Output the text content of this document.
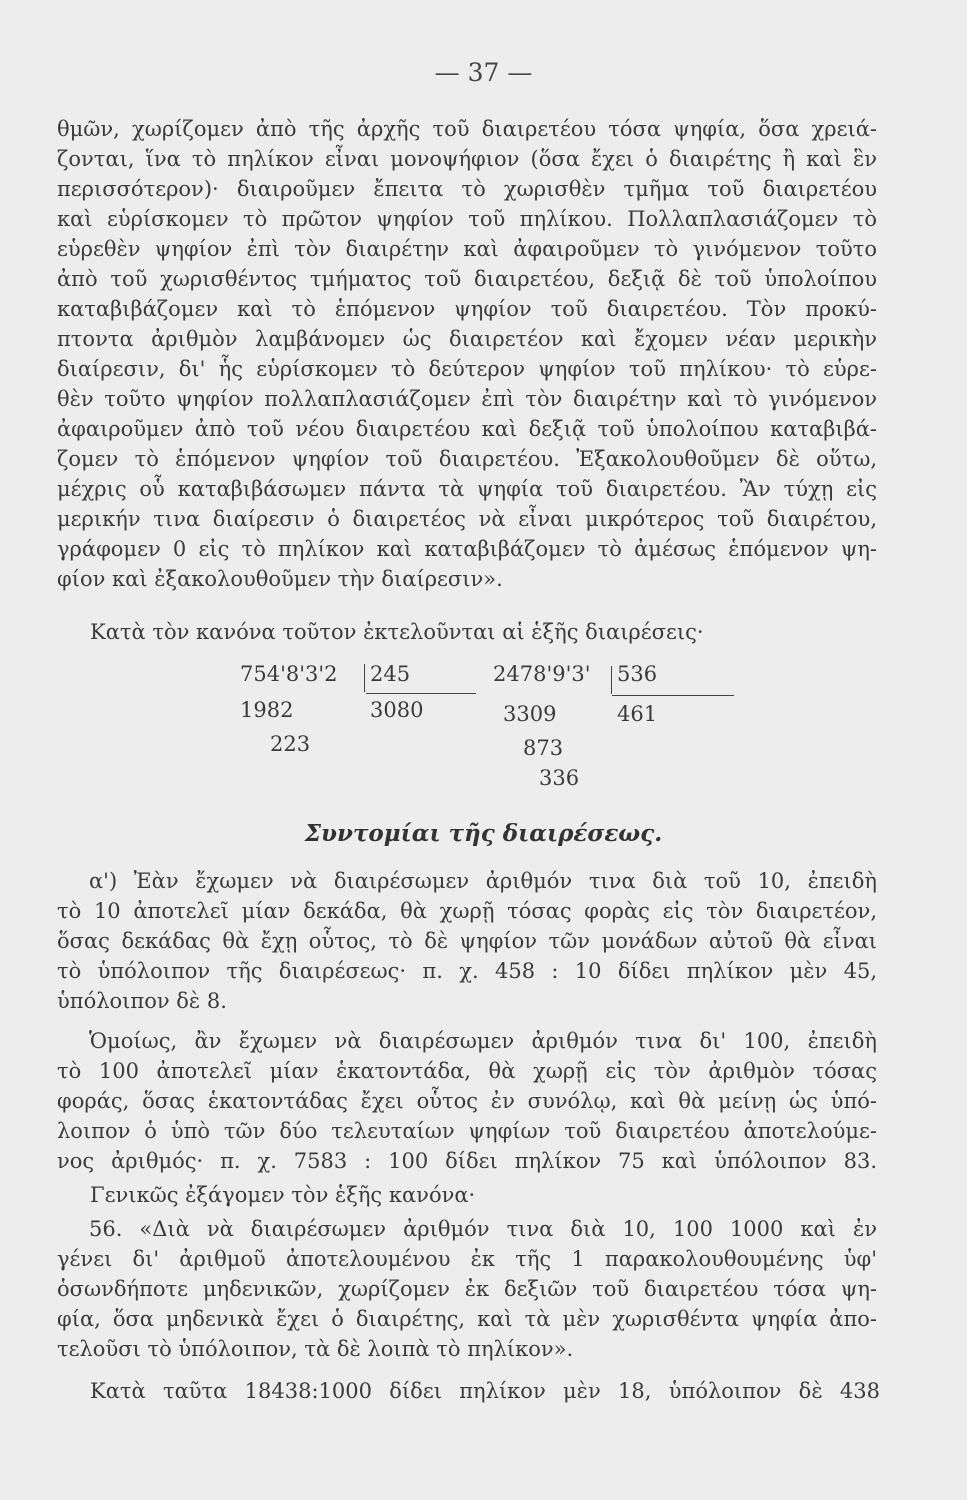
— 37 —
θμῶν, χωρίζομεν ἀπὸ τῆς ἀρχῆς τοῦ διαιρετέου τόσα ψηφία, ὅσα χρειά-
ζονται, ἵνα τὸ πηλίκον εἶναι μονοψήφιον (ὅσα ἔχει ὁ διαιρέτης ἢ καὶ ἓν
περισσότερον)· διαιροῦμεν ἔπειτα τὸ χωρισθὲν τμῆμα τοῦ διαιρετέου
καὶ εὑρίσκομεν τὸ πρῶτον ψηφίον τοῦ πηλίκου. Πολλαπλασιάζομεν τὸ
εὑρεθὲν ψηφίον ἐπὶ τὸν διαιρέτην καὶ ἀφαιροῦμεν τὸ γινόμενον τοῦτο
ἀπὸ τοῦ χωρισθέντος τμήματος τοῦ διαιρετέου, δεξιᾷ δὲ τοῦ ὑπολοίπου
καταβιβάζομεν καὶ τὸ ἑπόμενον ψηφίον τοῦ διαιρετέου. Τὸν προκύ-
πτοντα ἀριθμὸν λαμβάνομεν ὡς διαιρετέον καὶ ἔχομεν νέαν μερικὴν
διαίρεσιν, δι' ἧς εὑρίσκομεν τὸ δεύτερον ψηφίον τοῦ πηλίκου· τὸ εὑρε-
θὲν τοῦτο ψηφίον πολλαπλασιάζομεν ἐπὶ τὸν διαιρέτην καὶ τὸ γινόμενον
ἀφαιροῦμεν ἀπὸ τοῦ νέου διαιρετέου καὶ δεξιᾷ τοῦ ὑπολοίπου καταβιβά-
ζομεν τὸ ἑπόμενον ψηφίον τοῦ διαιρετέου. Ἐξακολουθοῦμεν δὲ οὕτω,
μέχρις οὗ καταβιβάσωμεν πάντα τὰ ψηφία τοῦ διαιρετέου. Ἂν τύχῃ εἰς
μερικήν τινα διαίρεσιν ὁ διαιρετέος νὰ εἶναι μικρότερος τοῦ διαιρέτου,
γράφομεν 0 εἰς τὸ πηλίκον καὶ καταβιβάζομεν τὸ ἀμέσως ἑπόμενον ψη-
φίον καὶ ἐξακολουθοῦμεν τὴν διαίρεσιν».
Κατὰ τὸν κανόνα τοῦτον ἐκτελοῦνται αἱ ἑξῆς διαιρέσεις·
754'8'3'2 245
3080
1982
223
2478'9'3' 536
461
3309
873
336
Συντομίαι τῆς διαιρέσεως.
α') Ἐὰν ἔχωμεν νὰ διαιρέσωμεν ἀριθμόν τινα διὰ τοῦ 10, ἐπειδὴ
τὸ 10 ἀποτελεῖ μίαν δεκάδα, θὰ χωρῇ τόσας φορὰς εἰς τὸν διαιρετέον,
ὅσας δεκάδας θὰ ἔχῃ οὗτος, τὸ δὲ ψηφίον τῶν μονάδων αὐτοῦ θὰ εἶναι
τὸ ὑπόλοιπον τῆς διαιρέσεως· π. χ. 458 : 10 δίδει πηλίκον μὲν 45,
ὑπόλοιπον δὲ 8.
Ὁμοίως, ἂν ἔχωμεν νὰ διαιρέσωμεν ἀριθμόν τινα δι' 100, ἐπειδὴ
τὸ 100 ἀποτελεῖ μίαν ἑκατοντάδα, θὰ χωρῇ εἰς τὸν ἀριθμὸν τόσας
φοράς, ὅσας ἑκατοντάδας ἔχει οὗτος ἐν συνόλῳ, καὶ θὰ μείνῃ ὡς ὑπό-
λοιπον ὁ ὑπὸ τῶν δύο τελευταίων ψηφίων τοῦ διαιρετέου ἀποτελούμε-
νος ἀριθμός· π. χ. 7583 : 100 δίδει πηλίκον 75 καὶ ὑπόλοιπον 83.
Γενικῶς ἐξάγομεν τὸν ἑξῆς κανόνα·
56. «Διὰ νὰ διαιρέσωμεν ἀριθμόν τινα διὰ 10, 100 1000 καὶ ἐν
γένει δι' ἀριθμοῦ ἀποτελουμένου ἐκ τῆς 1 παρακολουθουμένης ὑφ'
ὁσωνδήποτε μηδενικῶν, χωρίζομεν ἐκ δεξιῶν τοῦ διαιρετέου τόσα ψη-
φία, ὅσα μηδενικὰ ἔχει ὁ διαιρέτης, καὶ τὰ μὲν χωρισθέντα ψηφία ἀπο-
τελοῦσι τὸ ὑπόλοιπον, τὰ δὲ λοιπὰ τὸ πηλίκον».
Κατὰ ταῦτα 18438:1000 δίδει πηλίκον μὲν 18, ὑπόλοιπον δὲ 438
